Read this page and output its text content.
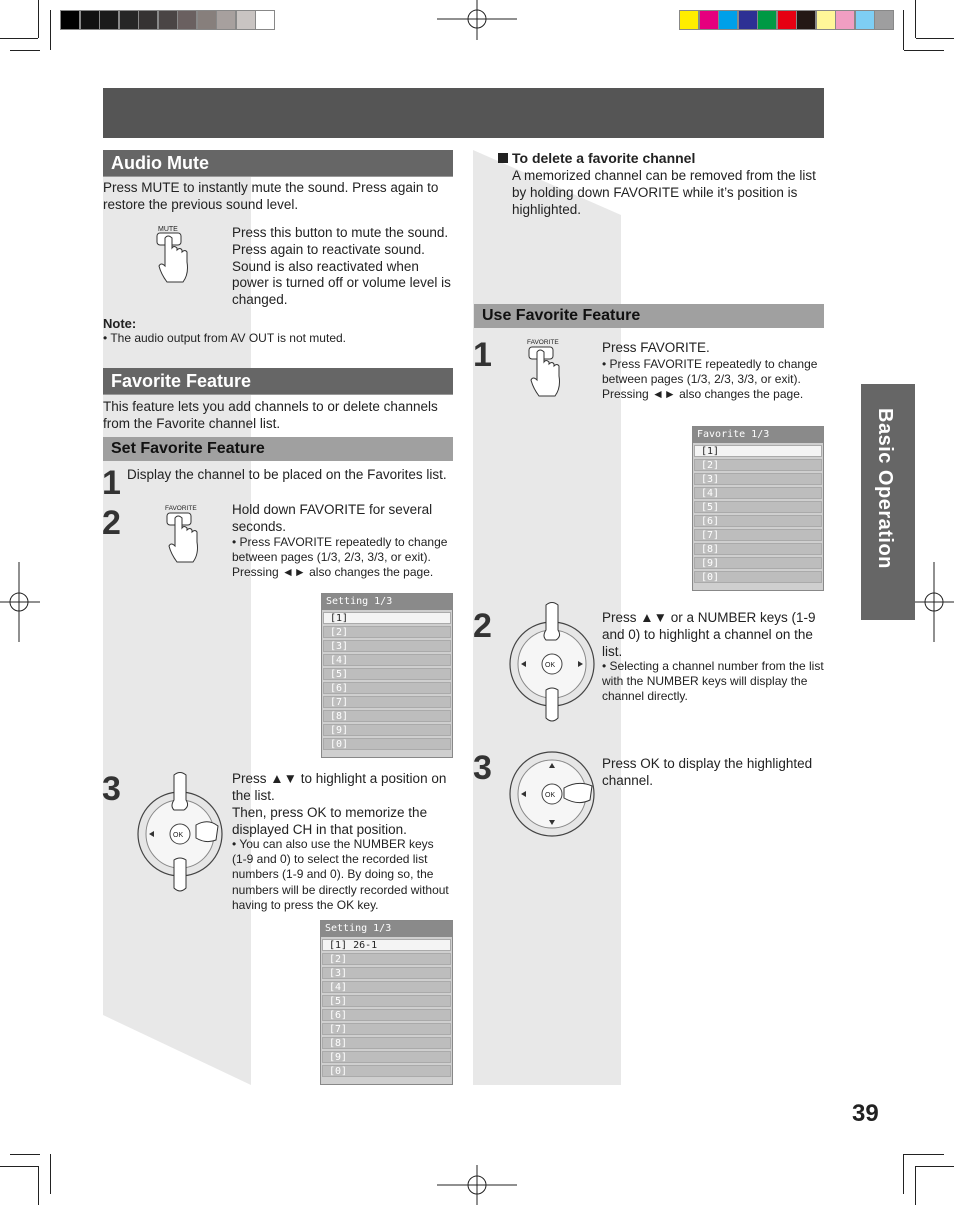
Audio Mute
Press MUTE to instantly mute the sound. Press again to restore the previous sound level.
MUTE	Press this button to mute the sound. Press again to reactivate sound. Sound is also reactivated when power is turned off or volume level is changed.
Note:
• The audio output from AV OUT is not muted.
Favorite Feature
This feature lets you add channels to or delete channels from the Favorite channel list.
Set Favorite Feature
1 Display the channel to be placed on the Favorites list.
2	FAVORITE	Hold down FAVORITE for several seconds.
• Press FAVORITE repeatedly to change between pages (1/3, 2/3, 3/3, or exit). Pressing ◄► also changes the page.
Setting 1/3
[1]
[2]
[3]
[4]
[5]
[6]
[7]
[8]
[9]
[0]
3
OK
Press ▲▼ to highlight a position on the list.
Then, press OK to memorize the displayed CH in that position.
• You can also use the NUMBER keys (1-9 and 0) to select the recorded list numbers (1-9 and 0). By doing so, the numbers will be directly recorded without having to press the OK key.
Setting 1/3
[1] 26-1
[2]
[3]
[4]
[5]
[6]
[7]
[8]
[9]
[0]
To delete a favorite channel
A memorized channel can be removed from the list by holding down FAVORITE while it’s position is highlighted.
Use Favorite Feature
1	FAVORITE	Press FAVORITE.
• Press FAVORITE repeatedly to change between pages (1/3, 2/3, 3/3, or exit). Pressing ◄► also changes the page.
Favorite 1/3
[1]
[2]
[3]
[4]
[5]
[6]
[7]
[8]
[9]
[0]
2
OK
Press ▲▼ or a NUMBER keys (1-9 and 0) to highlight a channel on the list.
• Selecting a channel number from the list with the NUMBER keys will display the channel directly.
3
OK
Press OK to display the highlighted channel.
Basic Operation
39
